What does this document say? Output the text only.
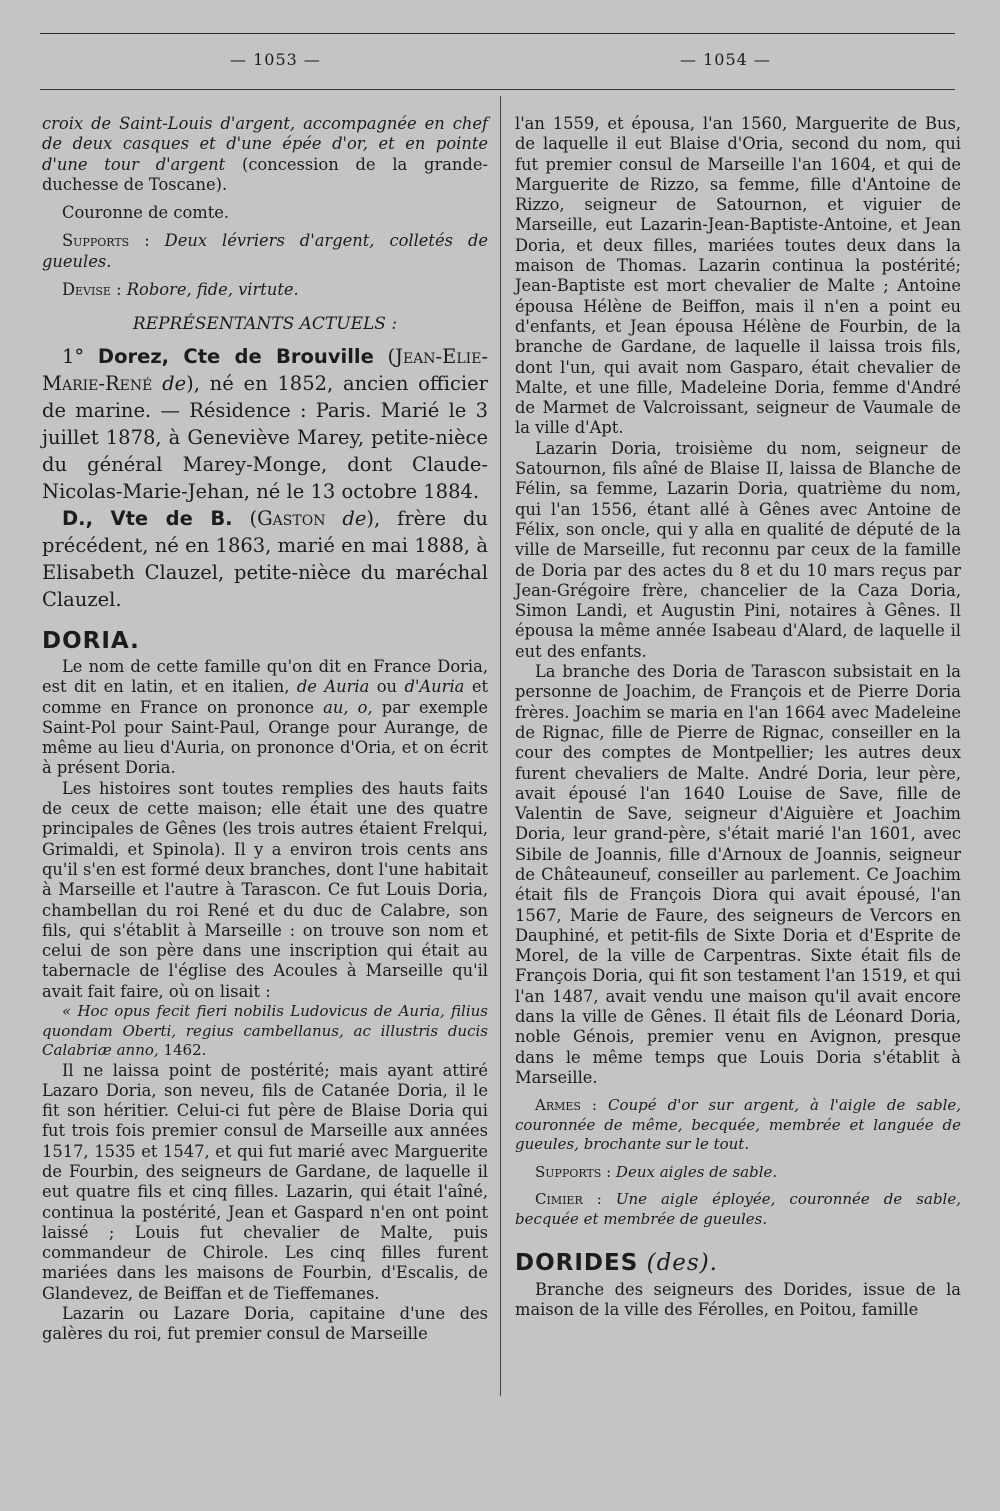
— 1053 —	— 1054 —

croix de Saint-Louis d'argent, accompagnée en chef de deux casques et d'une épée d'or, et en pointe d'une tour d'argent (concession de la grande-duchesse de Toscane).

Couronne de comte.

Supports : Deux lévriers d'argent, colletés de gueules.

Devise : Robore, fide, virtute.

REPRÉSENTANTS ACTUELS :

1° Dorez, Cte de Brouville (Jean-Elie-Marie-René de), né en 1852, ancien officier de marine. — Résidence : Paris. Marié le 3 juillet 1878, à Geneviève Marey, petite-nièce du général Marey-Monge, dont Claude-Nicolas-Marie-Jehan, né le 13 octobre 1884.

D., Vte de B. (Gaston de), frère du précédent, né en 1863, marié en mai 1888, à Elisabeth Clauzel, petite-nièce du maréchal Clauzel.

DORIA.

Le nom de cette famille qu'on dit en France Doria, est dit en latin, et en italien, de Auria ou d'Auria et comme en France on prononce au, o, par exemple Saint-Pol pour Saint-Paul, Orange pour Aurange, de même au lieu d'Auria, on prononce d'Oria, et on écrit à présent Doria.

Les histoires sont toutes remplies des hauts faits de ceux de cette maison; elle était une des quatre principales de Gênes (les trois autres étaient Frelqui, Grimaldi, et Spinola). Il y a environ trois cents ans qu'il s'en est formé deux branches, dont l'une habitait à Marseille et l'autre à Tarascon. Ce fut Louis Doria, chambellan du roi René et du duc de Calabre, son fils, qui s'établit à Marseille : on trouve son nom et celui de son père dans une inscription qui était au tabernacle de l'église des Acoules à Marseille qu'il avait fait faire, où on lisait :

« Hoc opus fecit fieri nobilis Ludovicus de Auria, filius quondam Oberti, regius cambellanus, ac illustris ducis Calabriæ anno, 1462.

Il ne laissa point de postérité; mais ayant attiré Lazaro Doria, son neveu, fils de Catanée Doria, il le fit son héritier. Celui-ci fut père de Blaise Doria qui fut trois fois premier consul de Marseille aux années 1517, 1535 et 1547, et qui fut marié avec Marguerite de Fourbin, des seigneurs de Gardane, de laquelle il eut quatre fils et cinq filles. Lazarin, qui était l'aîné, continua la postérité, Jean et Gaspard n'en ont point laissé ; Louis fut chevalier de Malte, puis commandeur de Chirole. Les cinq filles furent mariées dans les maisons de Fourbin, d'Escalis, de Glandevez, de Beiffan et de Tieffemanes.

Lazarin ou Lazare Doria, capitaine d'une des galères du roi, fut premier consul de Marseille

l'an 1559, et épousa, l'an 1560, Marguerite de Bus, de laquelle il eut Blaise d'Oria, second du nom, qui fut premier consul de Marseille l'an 1604, et qui de Marguerite de Rizzo, sa femme, fille d'Antoine de Rizzo, seigneur de Satournon, et viguier de Marseille, eut Lazarin-Jean-Baptiste-Antoine, et Jean Doria, et deux filles, mariées toutes deux dans la maison de Thomas. Lazarin continua la postérité; Jean-Baptiste est mort chevalier de Malte ; Antoine épousa Hélène de Beiffon, mais il n'en a point eu d'enfants, et Jean épousa Hélène de Fourbin, de la branche de Gardane, de laquelle il laissa trois fils, dont l'un, qui avait nom Gasparo, était chevalier de Malte, et une fille, Madeleine Doria, femme d'André de Marmet de Valcroissant, seigneur de Vaumale de la ville d'Apt.

Lazarin Doria, troisième du nom, seigneur de Satournon, fils aîné de Blaise II, laissa de Blanche de Félin, sa femme, Lazarin Doria, quatrième du nom, qui l'an 1556, étant allé à Gênes avec Antoine de Félix, son oncle, qui y alla en qualité de député de la ville de Marseille, fut reconnu par ceux de la famille de Doria par des actes du 8 et du 10 mars reçus par Jean-Grégoire frère, chancelier de la Caza Doria, Simon Landi, et Augustin Pini, notaires à Gênes. Il épousa la même année Isabeau d'Alard, de laquelle il eut des enfants.

La branche des Doria de Tarascon subsistait en la personne de Joachim, de François et de Pierre Doria frères. Joachim se maria en l'an 1664 avec Madeleine de Rignac, fille de Pierre de Rignac, conseiller en la cour des comptes de Montpellier; les autres deux furent chevaliers de Malte. André Doria, leur père, avait épousé l'an 1640 Louise de Save, fille de Valentin de Save, seigneur d'Aiguière et Joachim Doria, leur grand-père, s'était marié l'an 1601, avec Sibile de Joannis, fille d'Arnoux de Joannis, seigneur de Châteauneuf, conseiller au parlement. Ce Joachim était fils de François Diora qui avait épousé, l'an 1567, Marie de Faure, des seigneurs de Vercors en Dauphiné, et petit-fils de Sixte Doria et d'Esprite de Morel, de la ville de Carpentras. Sixte était fils de François Doria, qui fit son testament l'an 1519, et qui l'an 1487, avait vendu une maison qu'il avait encore dans la ville de Gênes. Il était fils de Léonard Doria, noble Génois, premier venu en Avignon, presque dans le même temps que Louis Doria s'établit à Marseille.

Armes : Coupé d'or sur argent, à l'aigle de sable, couronnée de même, becquée, membrée et languée de gueules, brochante sur le tout.

Supports : Deux aigles de sable.

Cimier : Une aigle éployée, couronnée de sable, becquée et membrée de gueules.

DORIDES (des).

Branche des seigneurs des Dorides, issue de la maison de la ville des Férolles, en Poitou, famille
